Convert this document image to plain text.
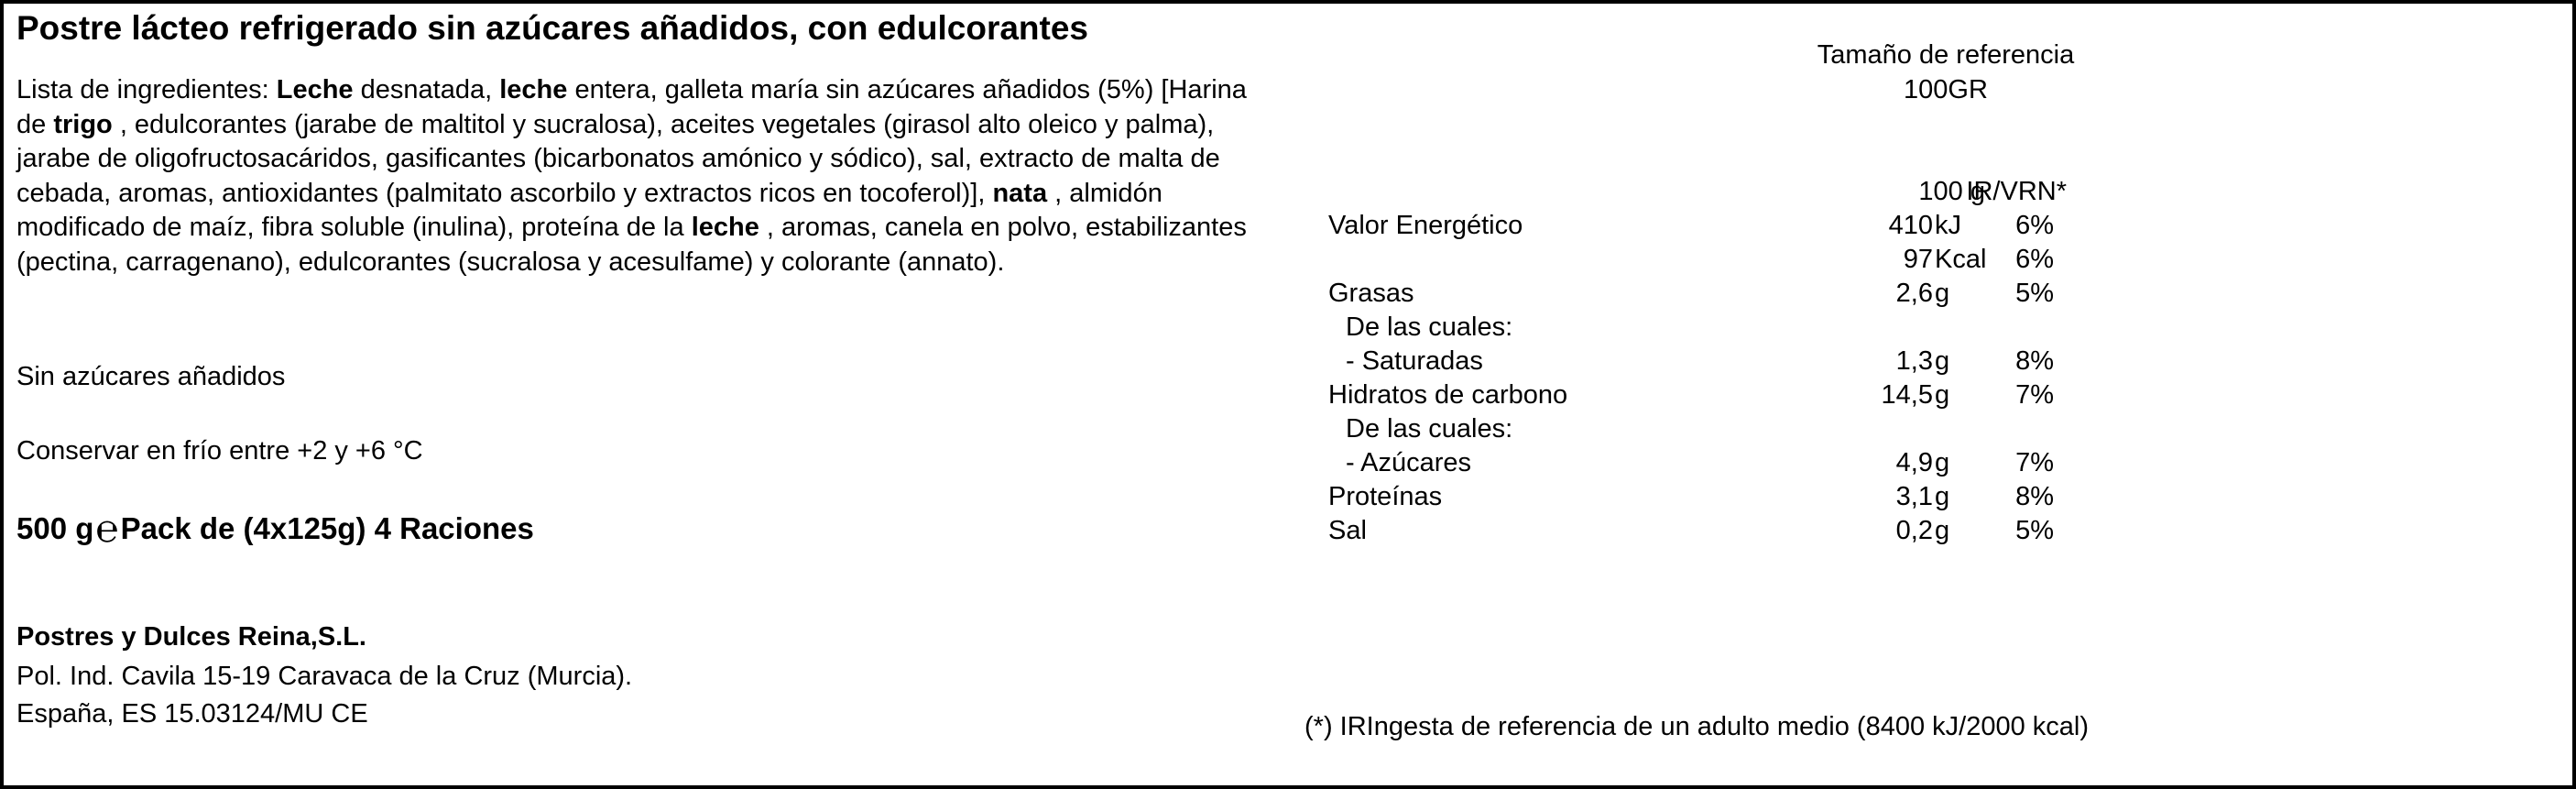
Postre lácteo refrigerado sin azúcares añadidos, con edulcorantes
Lista de ingredientes: Leche desnatada, leche entera, galleta maría sin azúcares añadidos (5%) [Harina de trigo , edulcorantes (jarabe de maltitol y sucralosa), aceites vegetales (girasol alto oleico y palma), jarabe de oligofructosacáridos, gasificantes (bicarbonatos amónico y sódico), sal, extracto de malta de cebada, aromas, antioxidantes (palmitato ascorbilo y extractos ricos en tocoferol)], nata , almidón modificado de maíz, fibra soluble (inulina), proteína de la leche , aromas, canela en polvo, estabilizantes (pectina, carragenano), edulcorantes (sucralosa y acesulfame) y colorante (annato).
Sin azúcares añadidos
Conservar en frío entre +2 y +6 °C
500 g℮Pack de (4x125g) 4 Raciones
Postres y Dulces Reina,S.L.
Pol. Ind. Cavila 15-19 Caravaca de la Cruz (Murcia).
España, ES 15.03124/MU CE
Tamaño de referencia
100GR
100 g
IR/VRN*
Valor Energético	410 kJ 6%
97 Kcal 6%
Grasas	2,6 g 5%
De las cuales:
- Saturadas	1,3 g 8%
Hidratos de carbono	14,5 g 7%
De las cuales:
- Azúcares	4,9 g 7%
Proteínas	3,1 g 8%
Sal	0,2 g 5%
(*) IRIngesta de referencia de un adulto medio (8400 kJ/2000 kcal)
